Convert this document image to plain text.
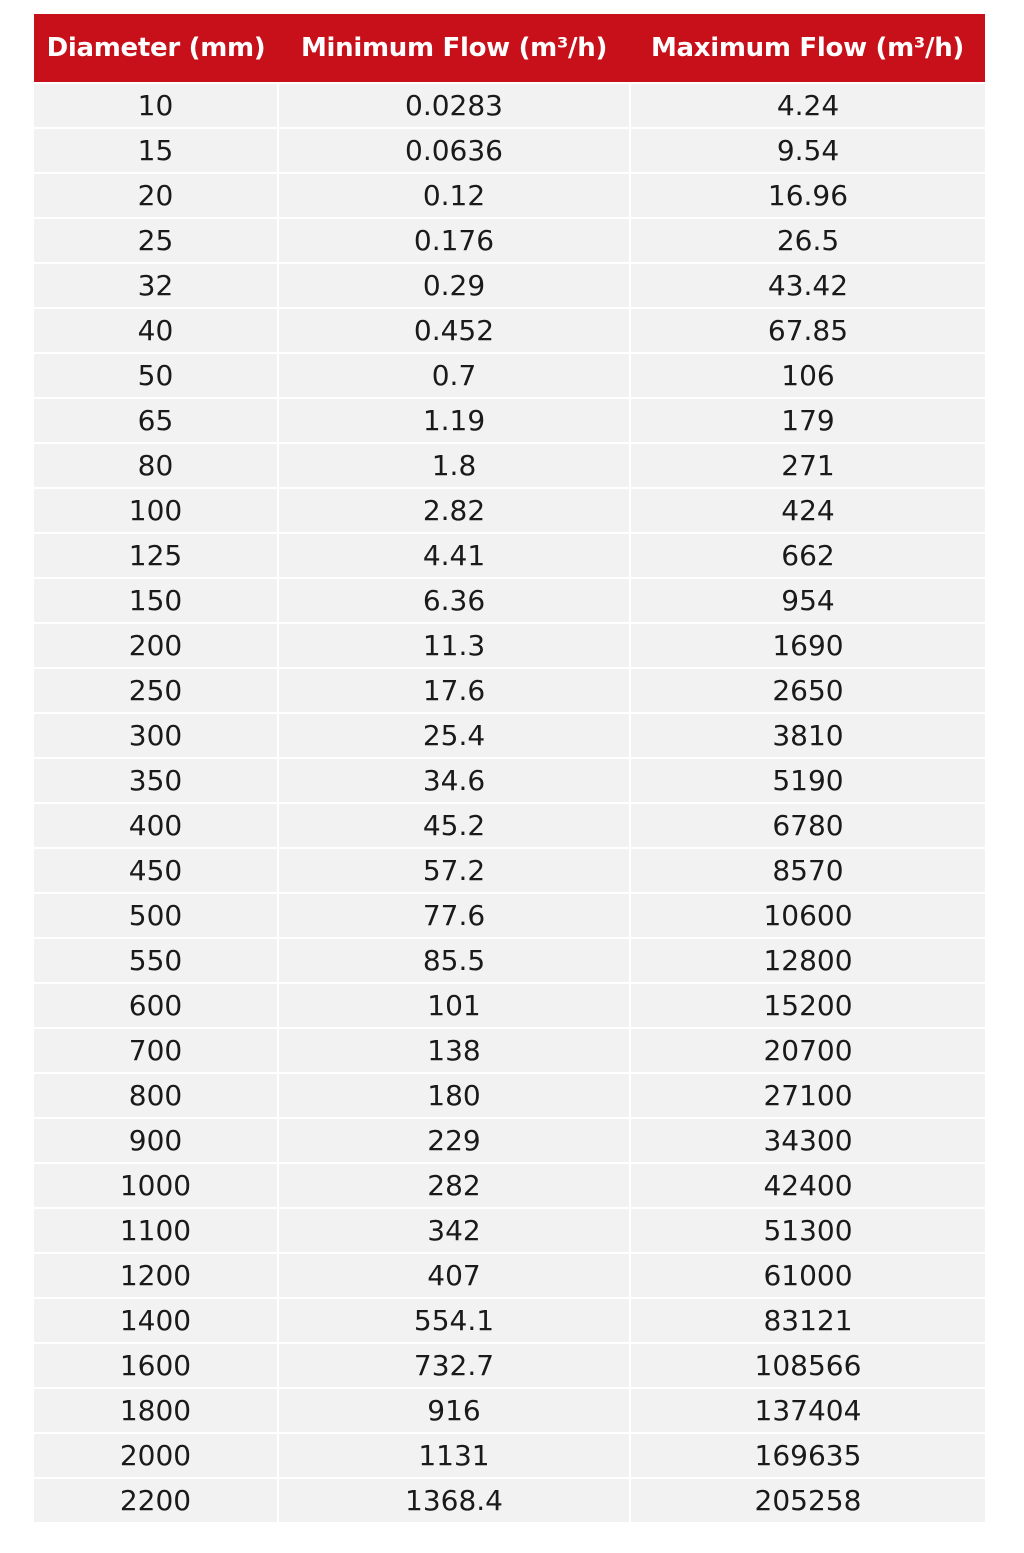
Diameter (mm)	Minimum Flow (m³/h)	Maximum Flow (m³/h)
10	0.0283	4.24
15	0.0636	9.54
20	0.12	16.96
25	0.176	26.5
32	0.29	43.42
40	0.452	67.85
50	0.7	106
65	1.19	179
80	1.8	271
100	2.82	424
125	4.41	662
150	6.36	954
200	11.3	1690
250	17.6	2650
300	25.4	3810
350	34.6	5190
400	45.2	6780
450	57.2	8570
500	77.6	10600
550	85.5	12800
600	101	15200
700	138	20700
800	180	27100
900	229	34300
1000	282	42400
1100	342	51300
1200	407	61000
1400	554.1	83121
1600	732.7	108566
1800	916	137404
2000	1131	169635
2200	1368.4	205258
